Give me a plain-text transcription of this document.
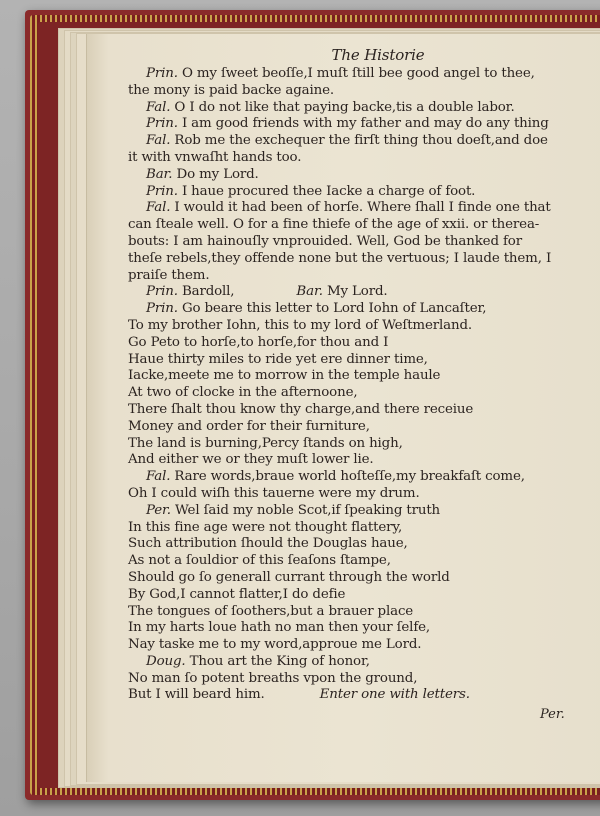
The Historie
Prin. O my ſweet beoſſe,I muſt ſtill bee good angel to thee,
the mony is paid backe againe.
Fal. O I do not like that paying backe,tis a double labor.
Prin. I am good friends with my father and may do any thing
Fal. Rob me the exchequer the firſt thing thou doeſt,and doe
it with vnwaſht hands too.
Bar. Do my Lord.
Prin. I haue procured thee Iacke a charge of foot.
Fal. I would it had been of horſe. Where ſhall I finde one that
can ſteale well. O for a fine thiefe of the age of xxii. or therea-
bouts: I am hainouſly vnprouided. Well, God be thanked for
theſe rebels,they offende none but the vertuous; I laude them, I
praiſe them.
Prin. Bardoll,	Bar. My Lord.
Prin. Go beare this letter to Lord Iohn of Lancaſter,
To my brother Iohn, this to my lord of Weſtmerland.
Go Peto to horſe,to horſe,for thou and I
Haue thirty miles to ride yet ere dinner time,
Iacke,meete me to morrow in the temple haule
At two of clocke in the afternoone,
There ſhalt thou know thy charge,and there receiue
Money and order for their furniture,
The land is burning,Percy ſtands on high,
And either we or they muſt lower lie.
Fal. Rare words,braue world hoſteſſe,my breakfaſt come,
Oh I could wiſh this tauerne were my drum.
Per. Wel ſaid my noble Scot,if ſpeaking truth
In this fine age were not thought flattery,
Such attribution ſhould the Douglas haue,
As not a ſouldior of this ſeaſons ſtampe,
Should go ſo generall currant through the world
By God,I cannot flatter,I do defie
The tongues of ſoothers,but a brauer place
In my harts loue hath no man then your ſelfe,
Nay taske me to my word,approue me Lord.
Doug. Thou art the King of honor,
No man ſo potent breaths vpon the ground,
But I will beard him.	Enter one with letters.
Per.
